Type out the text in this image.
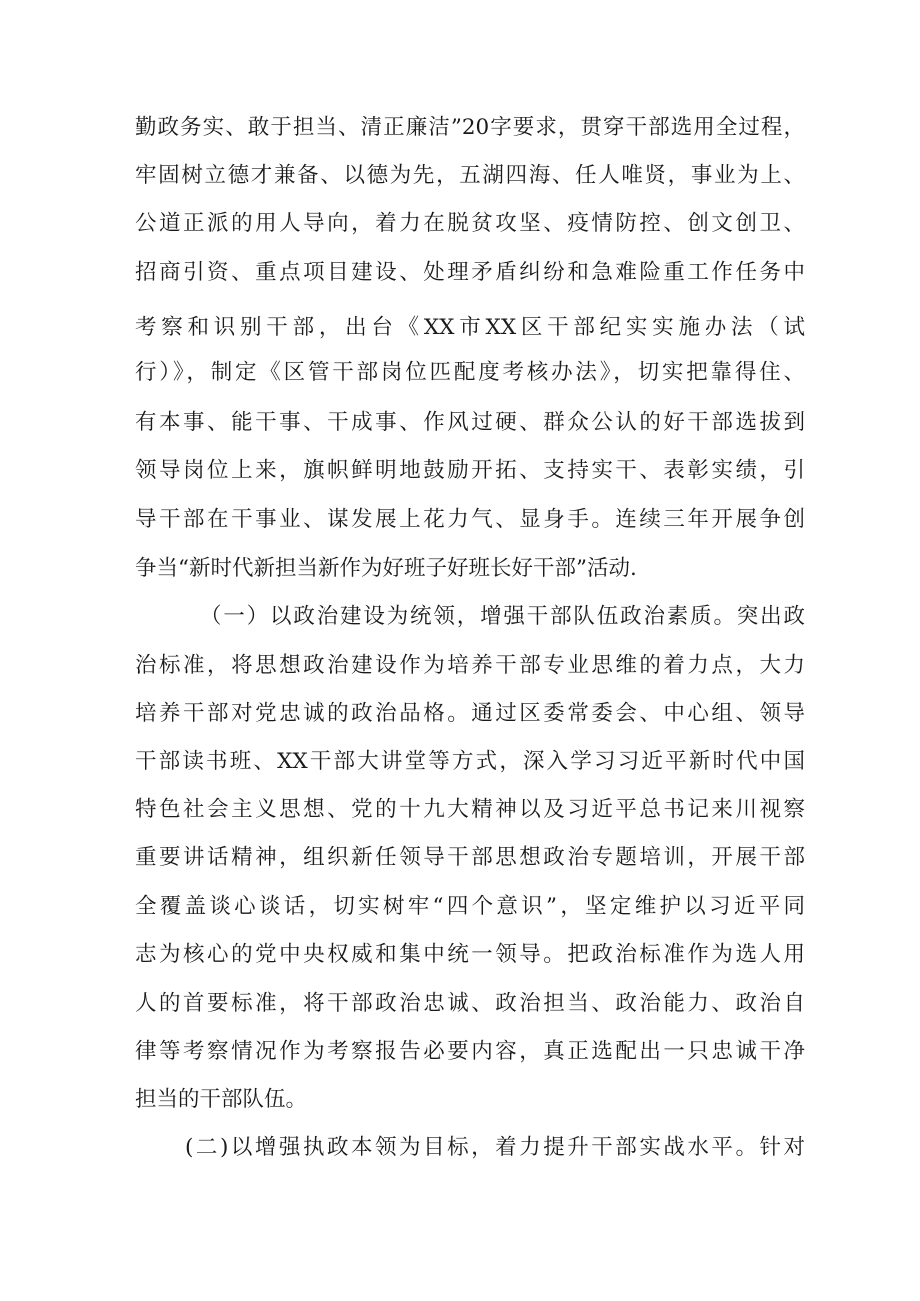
勤政务实、敢于担当、清正廉洁”20字要求，贯穿干部选用全过程，
牢固树立德才兼备、以德为先，五湖四海、任人唯贤，事业为上、
公道正派的用人导向，着力在脱贫攻坚、疫情防控、创文创卫、
招商引资、重点项目建设、处理矛盾纠纷和急难险重工作任务中
考察和识别干部，出台《XX市XX区干部纪实实施办法（试
行）》，制定《区管干部岗位匹配度考核办法》，切实把靠得住、
有本事、能干事、干成事、作风过硬、群众公认的好干部选拔到
领导岗位上来，旗帜鲜明地鼓励开拓、支持实干、表彰实绩，引
导干部在干事业、谋发展上花力气、显身手。连续三年开展争创
争当“新时代新担当新作为好班子好班长好干部”活动.
（一）以政治建设为统领，增强干部队伍政治素质。突出政
治标准，将思想政治建设作为培养干部专业思维的着力点，大力
培养干部对党忠诚的政治品格。通过区委常委会、中心组、领导
干部读书班、XX干部大讲堂等方式，深入学习习近平新时代中国
特色社会主义思想、党的十九大精神以及习近平总书记来川视察
重要讲话精神，组织新任领导干部思想政治专题培训，开展干部
全覆盖谈心谈话，切实树牢“四个意识”，坚定维护以习近平同
志为核心的党中央权威和集中统一领导。把政治标准作为选人用
人的首要标准，将干部政治忠诚、政治担当、政治能力、政治自
律等考察情况作为考察报告必要内容，真正选配出一只忠诚干净
担当的干部队伍。
(二)以增强执政本领为目标，着力提升干部实战水平。针对
